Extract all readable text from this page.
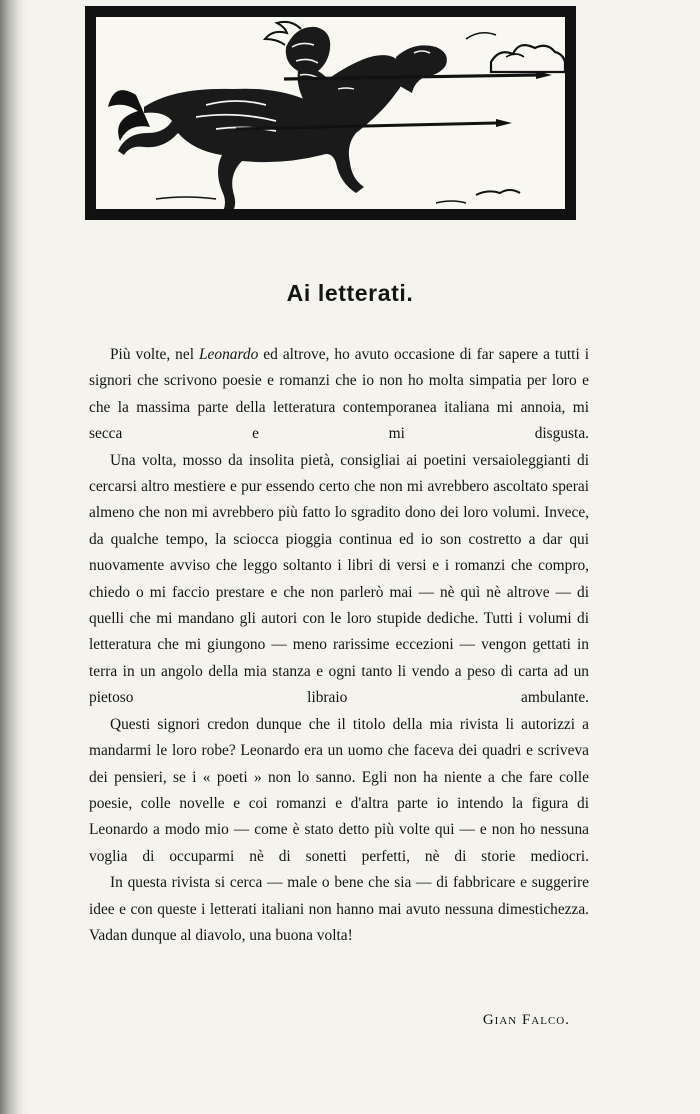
Ai letterati.

Più volte, nel Leonardo ed altrove, ho avuto occasione di far sapere a tutti i signori che scrivono poesie e romanzi che io non ho molta simpatia per loro e che la massima parte della letteratura contemporanea italiana mi annoia, mi secca e mi disgusta.

Una volta, mosso da insolita pietà, consigliai ai poetini versaioleggianti di cercarsi altro mestiere e pur essendo certo che non mi avrebbero ascoltato sperai almeno che non mi avrebbero più fatto lo sgradito dono dei loro volumi. Invece, da qualche tempo, la sciocca pioggia continua ed io son costretto a dar qui nuovamente avviso che leggo soltanto i libri di versi e i romanzi che compro, chiedo o mi faccio prestare e che non parlerò mai — nè quì nè altrove — di quelli che mi mandano gli autori con le loro stupide dediche. Tutti i volumi di letteratura che mi giungono — meno rarissime eccezioni — vengon gettati in terra in un angolo della mia stanza e ogni tanto li vendo a peso di carta ad un pietoso libraio ambulante.

Questi signori credon dunque che il titolo della mia rivista li autorizzi a mandarmi le loro robe? Leonardo era un uomo che faceva dei quadri e scriveva dei pensieri, se i « poeti » non lo sanno. Egli non ha niente a che fare colle poesie, colle novelle e coi romanzi e d'altra parte io intendo la figura di Leonardo a modo mio — come è stato detto più volte qui — e non ho nessuna voglia di occuparmi nè di sonetti perfetti, nè di storie mediocri.

In questa rivista si cerca — male o bene che sia — di fabbricare e suggerire idee e con queste i letterati italiani non hanno mai avuto nessuna dimestichezza. Vadan dunque al diavolo, una buona volta!

Gian Falco.
